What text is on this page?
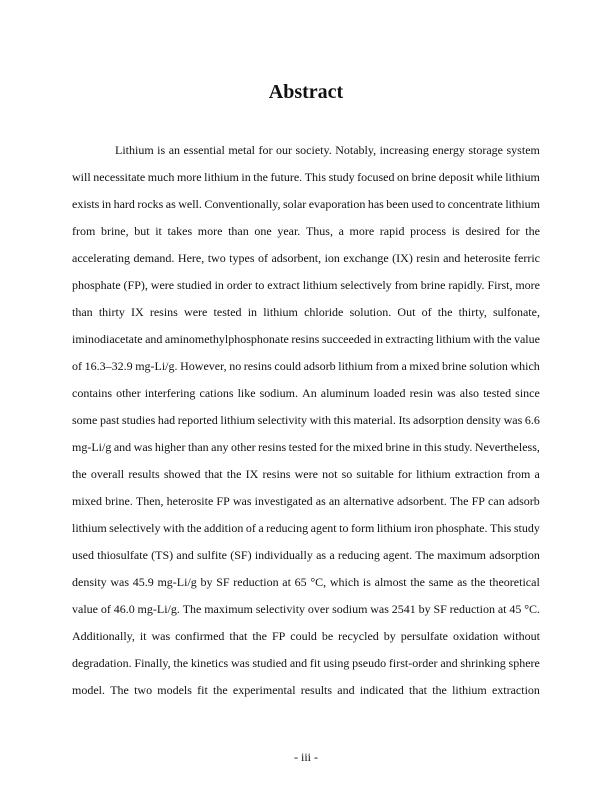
Abstract
Lithium is an essential metal for our society. Notably, increasing energy storage system
will necessitate much more lithium in the future. This study focused on brine deposit while lithium
exists in hard rocks as well. Conventionally, solar evaporation has been used to concentrate lithium
from brine, but it takes more than one year. Thus, a more rapid process is desired for the
accelerating demand. Here, two types of adsorbent, ion exchange (IX) resin and heterosite ferric
phosphate (FP), were studied in order to extract lithium selectively from brine rapidly. First, more
than thirty IX resins were tested in lithium chloride solution. Out of the thirty, sulfonate,
iminodiacetate and aminomethylphosphonate resins succeeded in extracting lithium with the value
of 16.3–32.9 mg-Li/g. However, no resins could adsorb lithium from a mixed brine solution which
contains other interfering cations like sodium. An aluminum loaded resin was also tested since
some past studies had reported lithium selectivity with this material. Its adsorption density was 6.6
mg-Li/g and was higher than any other resins tested for the mixed brine in this study. Nevertheless,
the overall results showed that the IX resins were not so suitable for lithium extraction from a
mixed brine. Then, heterosite FP was investigated as an alternative adsorbent. The FP can adsorb
lithium selectively with the addition of a reducing agent to form lithium iron phosphate. This study
used thiosulfate (TS) and sulfite (SF) individually as a reducing agent. The maximum adsorption
density was 45.9 mg-Li/g by SF reduction at 65 °C, which is almost the same as the theoretical
value of 46.0 mg-Li/g. The maximum selectivity over sodium was 2541 by SF reduction at 45 °C.
Additionally, it was confirmed that the FP could be recycled by persulfate oxidation without
degradation. Finally, the kinetics was studied and fit using pseudo first-order and shrinking sphere
model. The two models fit the experimental results and indicated that the lithium extraction
- iii -
